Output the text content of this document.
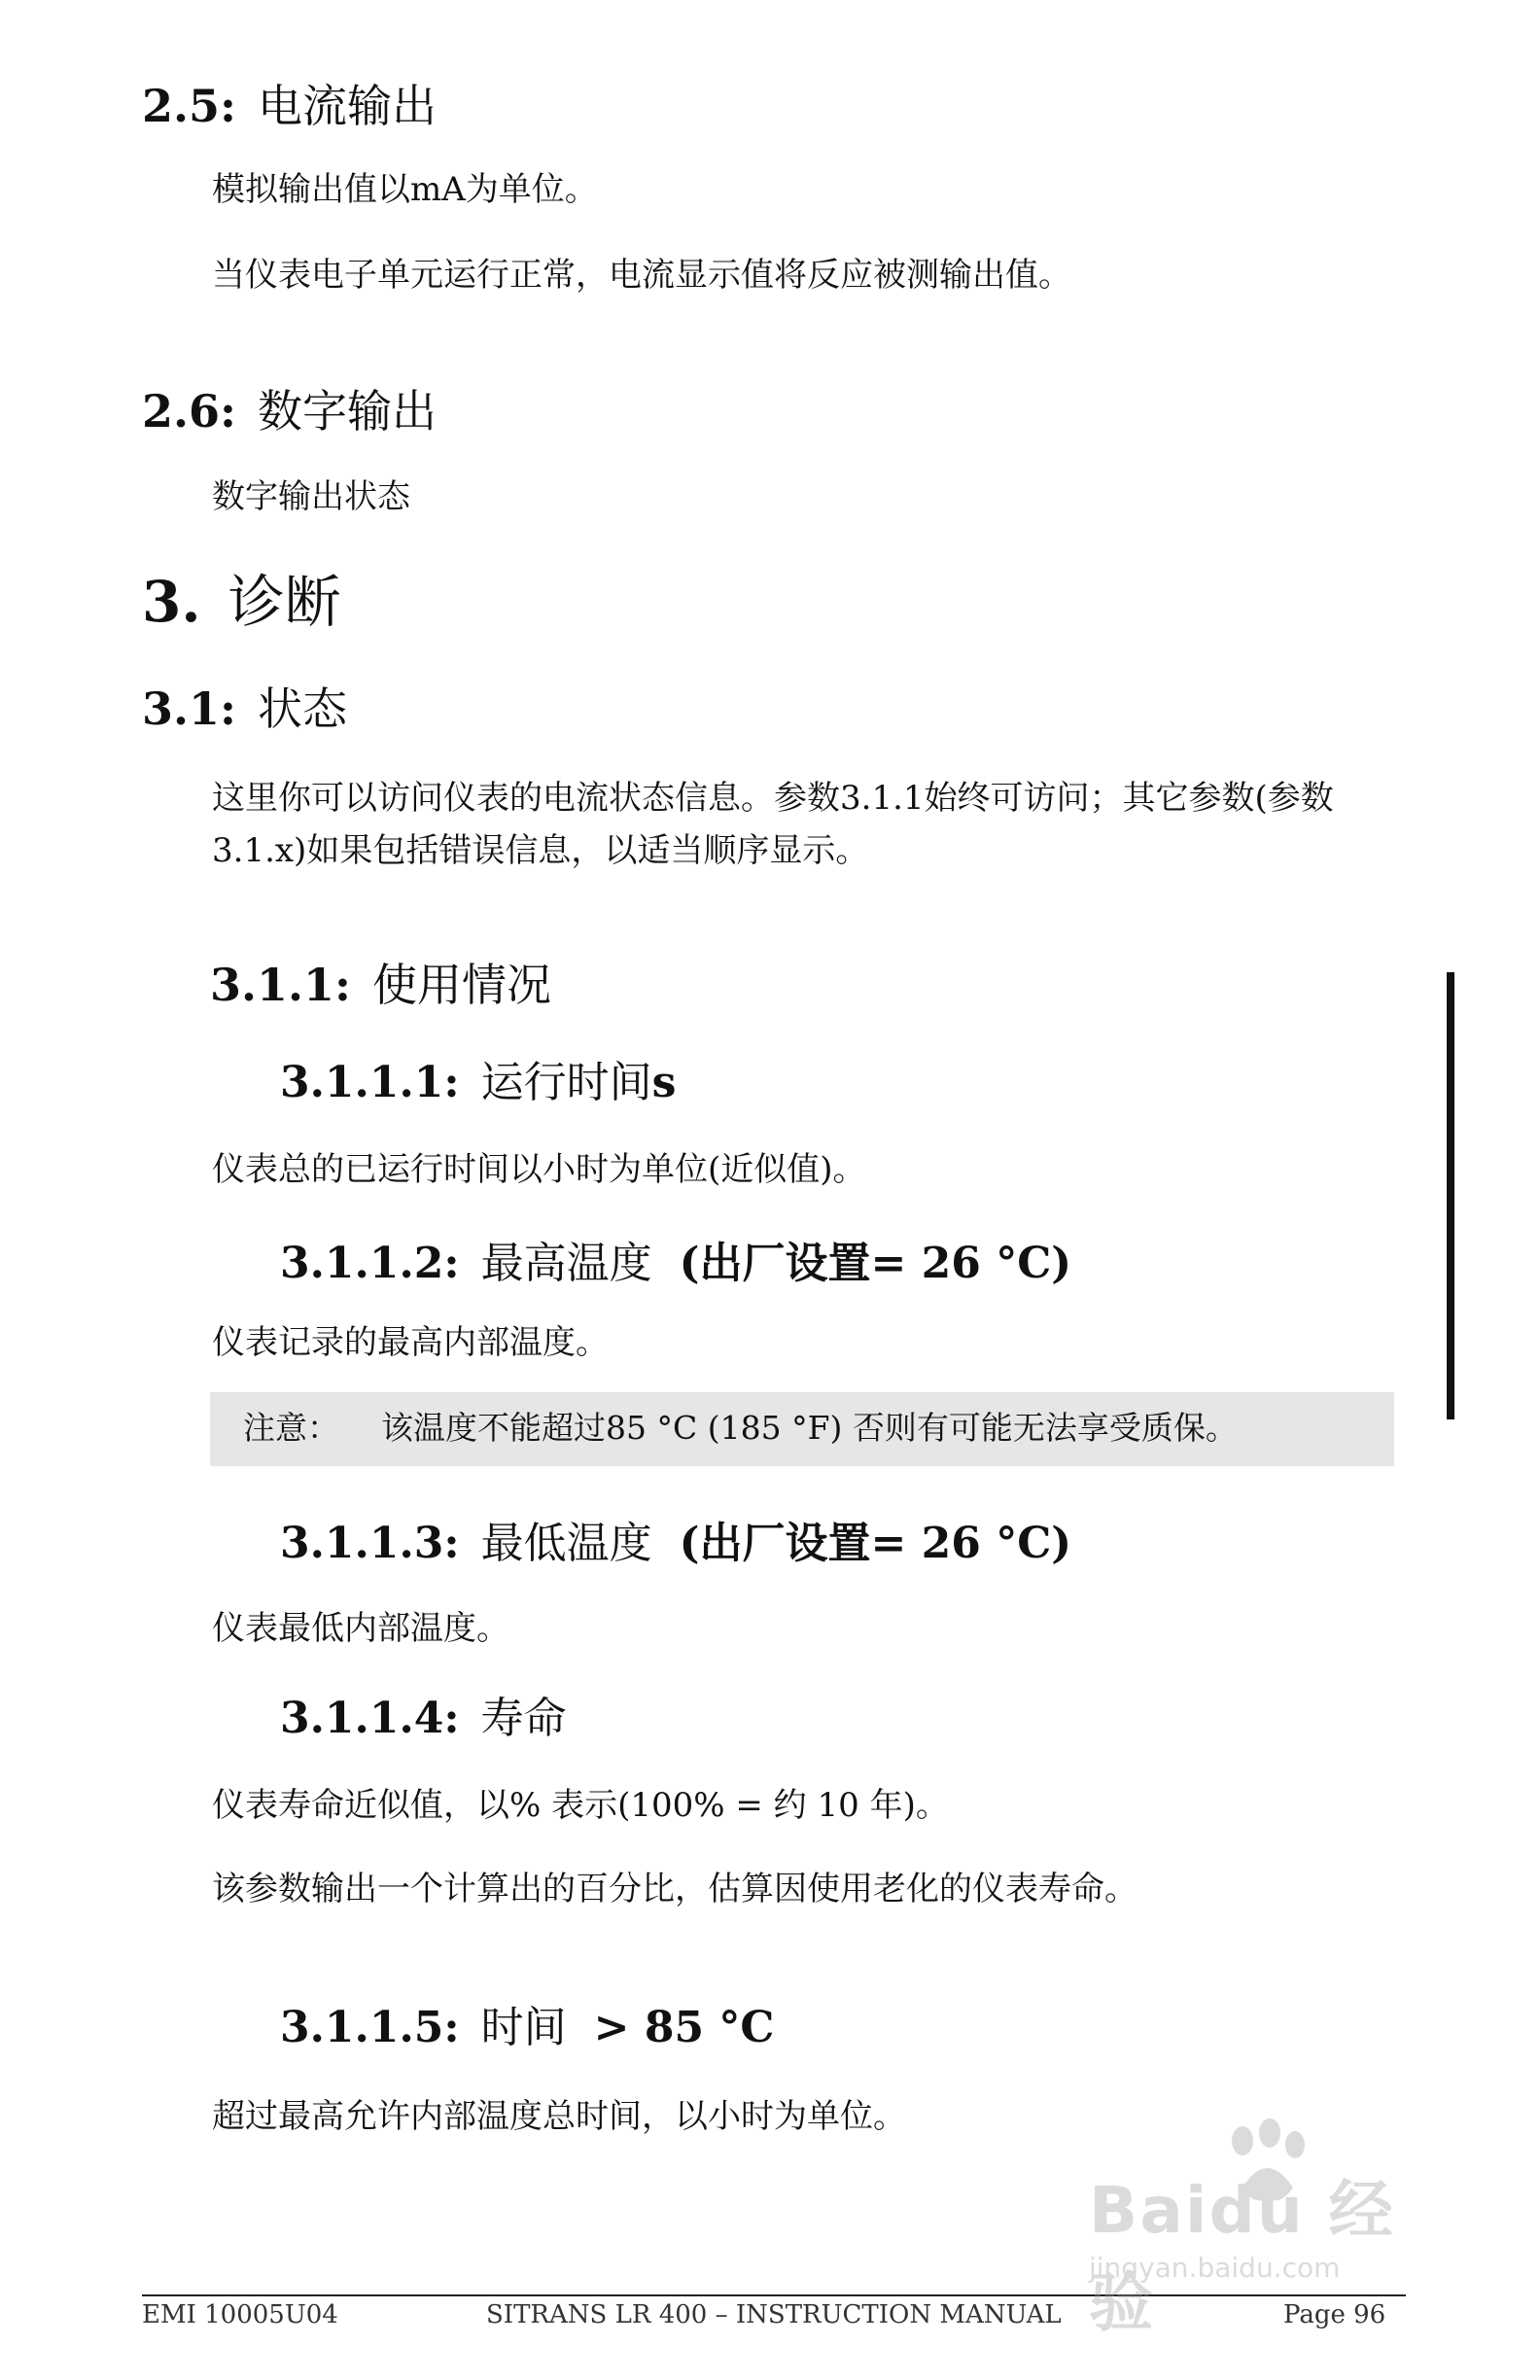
2.5: 电流输出
模拟输出值以mA为单位。
当仪表电子单元运行正常，电流显示值将反应被测输出值。
2.6: 数字输出
数字输出状态
3. 诊断
3.1: 状态
这里你可以访问仪表的电流状态信息。参数3.1.1始终可访问；其它参数(参数3.1.x)如果包括错误信息，以适当顺序显示。
3.1.1: 使用情况
3.1.1.1: 运行时间s
仪表总的已运行时间以小时为单位(近似值)。
3.1.1.2: 最高温度 (出厂设置= 26 °C)
仪表记录的最高内部温度。
注意： 该温度不能超过85 °C (185 °F) 否则有可能无法享受质保。
3.1.1.3: 最低温度 (出厂设置= 26 °C)
仪表最低内部温度。
3.1.1.4: 寿命
仪表寿命近似值，以% 表示(100% = 约 10 年)。
该参数输出一个计算出的百分比，估算因使用老化的仪表寿命。
3.1.1.5: 时间 > 85 °C
超过最高允许内部温度总时间，以小时为单位。
EMI 10005U04	SITRANS LR 400 – INSTRUCTION MANUAL	Page 96
Baidu 经验
jingyan.baidu.com
